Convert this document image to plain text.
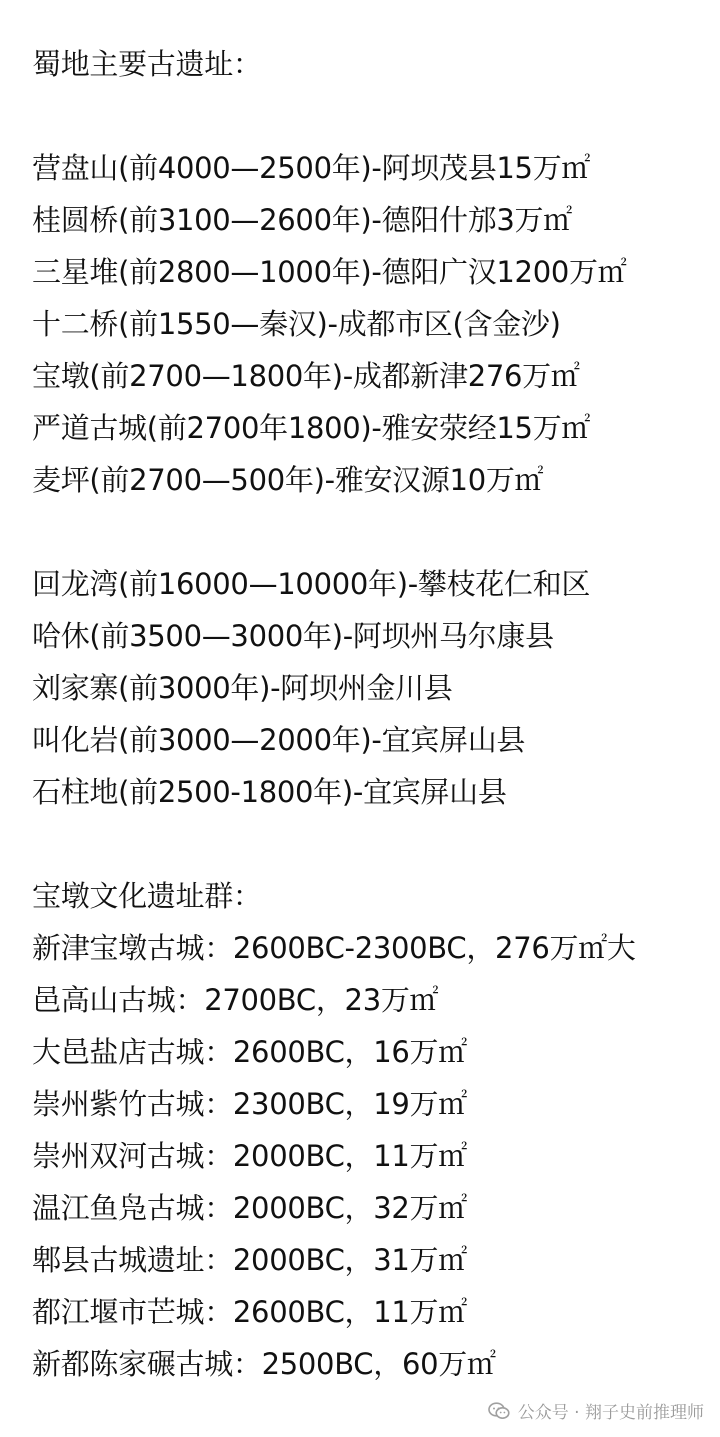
蜀地主要古遗址：
营盘山(前4000—2500年)-阿坝茂县15万㎡
桂圆桥(前3100—2600年)-德阳什邡3万㎡
三星堆(前2800—1000年)-德阳广汉1200万㎡
十二桥(前1550—秦汉)-成都市区(含金沙)
宝墩(前2700—1800年)-成都新津276万㎡
严道古城(前2700年1800)-雅安荥经15万㎡
麦坪(前2700—500年)-雅安汉源10万㎡
回龙湾(前16000—10000年)-攀枝花仁和区
哈休(前3500—3000年)-阿坝州马尔康县
刘家寨(前3000年)-阿坝州金川县
叫化岩(前3000—2000年)-宜宾屏山县
石柱地(前2500-1800年)-宜宾屏山县
宝墩文化遗址群：
新津宝墩古城：2600BC-2300BC，276万㎡大
邑高山古城：2700BC，23万㎡
大邑盐店古城：2600BC，16万㎡
崇州紫竹古城：2300BC，19万㎡
崇州双河古城：2000BC，11万㎡
温江鱼凫古城：2000BC，32万㎡
郫县古城遗址：2000BC，31万㎡
都江堰市芒城：2600BC，11万㎡
新都陈家碾古城：2500BC，60万㎡
公众号 · 翔子史前推理师
